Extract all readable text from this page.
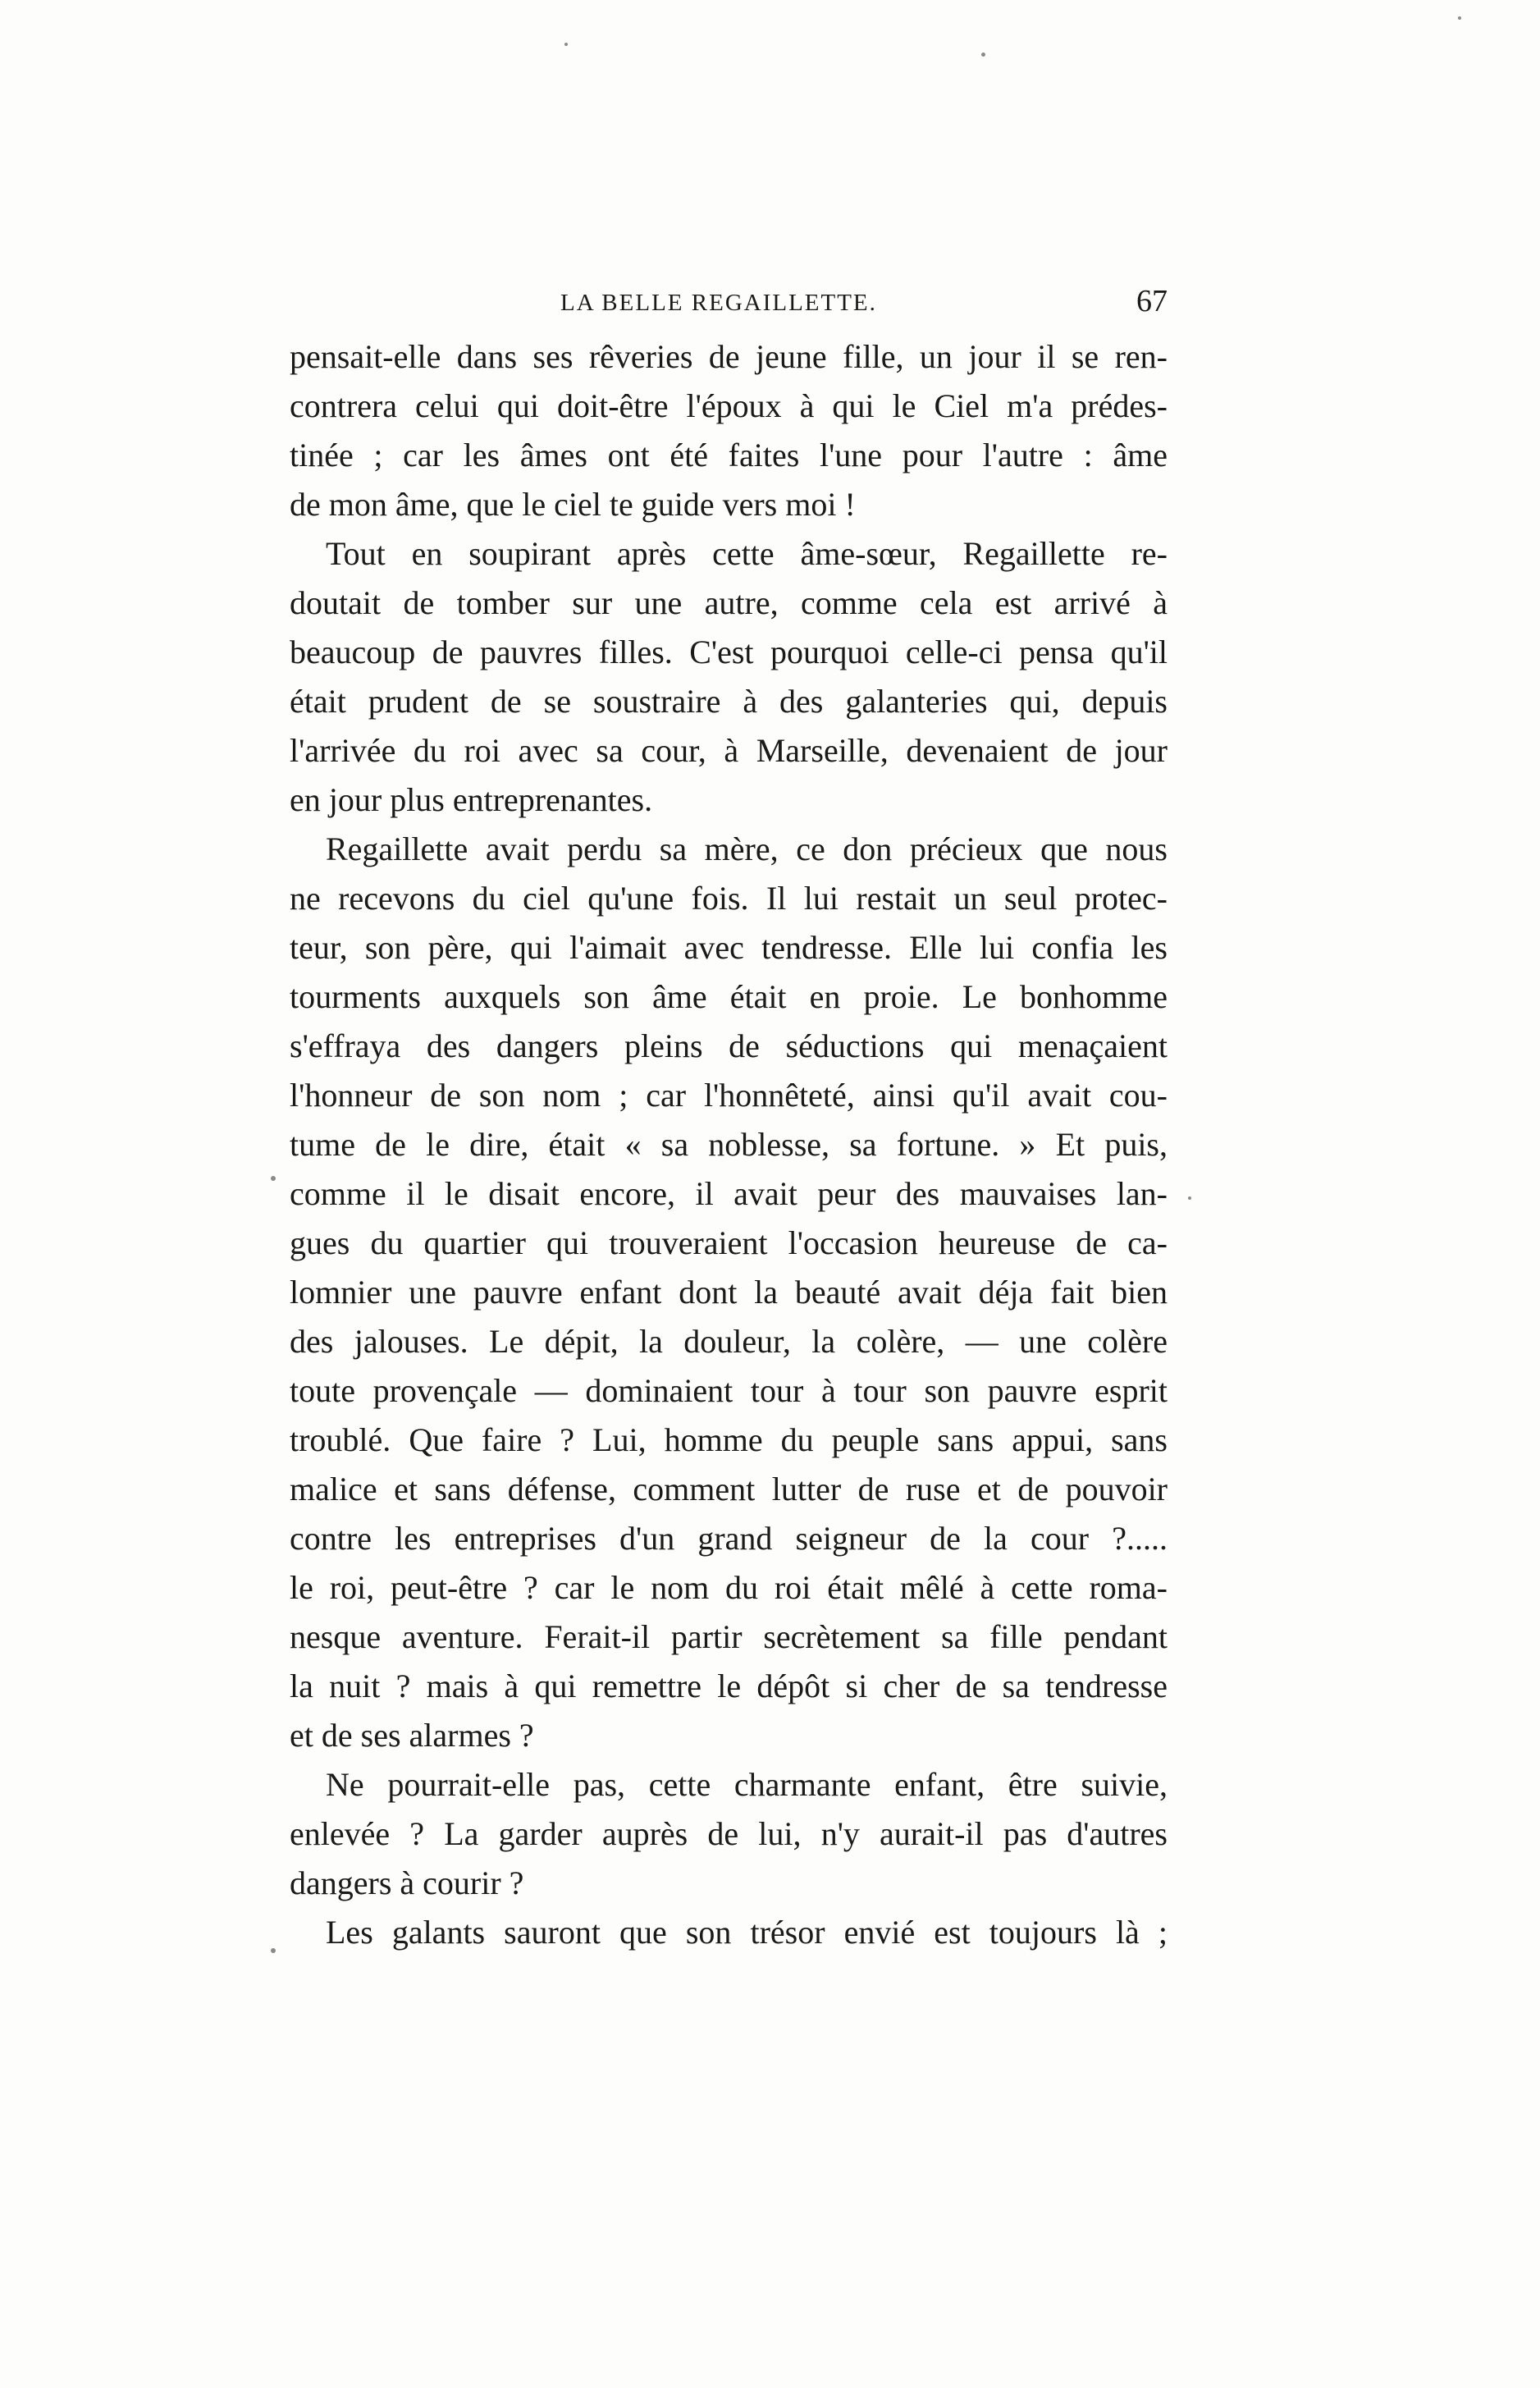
LA BELLE REGAILLETTE.	67
pensait-elle dans ses rêveries de jeune fille, un jour il se ren-
contrera celui qui doit-être l'époux à qui le Ciel m'a prédes-
tinée ; car les âmes ont été faites l'une pour l'autre : âme
de mon âme, que le ciel te guide vers moi !
Tout en soupirant après cette âme-sœur, Regaillette re-
doutait de tomber sur une autre, comme cela est arrivé à
beaucoup de pauvres filles. C'est pourquoi celle-ci pensa qu'il
était prudent de se soustraire à des galanteries qui, depuis
l'arrivée du roi avec sa cour, à Marseille, devenaient de jour
en jour plus entreprenantes.
Regaillette avait perdu sa mère, ce don précieux que nous
ne recevons du ciel qu'une fois. Il lui restait un seul protec-
teur, son père, qui l'aimait avec tendresse. Elle lui confia les
tourments auxquels son âme était en proie. Le bonhomme
s'effraya des dangers pleins de séductions qui menaçaient
l'honneur de son nom ; car l'honnêteté, ainsi qu'il avait cou-
tume de le dire, était « sa noblesse, sa fortune. » Et puis,
comme il le disait encore, il avait peur des mauvaises lan-
gues du quartier qui trouveraient l'occasion heureuse de ca-
lomnier une pauvre enfant dont la beauté avait déja fait bien
des jalouses. Le dépit, la douleur, la colère, — une colère
toute provençale — dominaient tour à tour son pauvre esprit
troublé. Que faire ? Lui, homme du peuple sans appui, sans
malice et sans défense, comment lutter de ruse et de pouvoir
contre les entreprises d'un grand seigneur de la cour ?.....
le roi, peut-être ? car le nom du roi était mêlé à cette roma-
nesque aventure. Ferait-il partir secrètement sa fille pendant
la nuit ? mais à qui remettre le dépôt si cher de sa tendresse
et de ses alarmes ?
Ne pourrait-elle pas, cette charmante enfant, être suivie,
enlevée ? La garder auprès de lui, n'y aurait-il pas d'autres
dangers à courir ?
Les galants sauront que son trésor envié est toujours là ;
